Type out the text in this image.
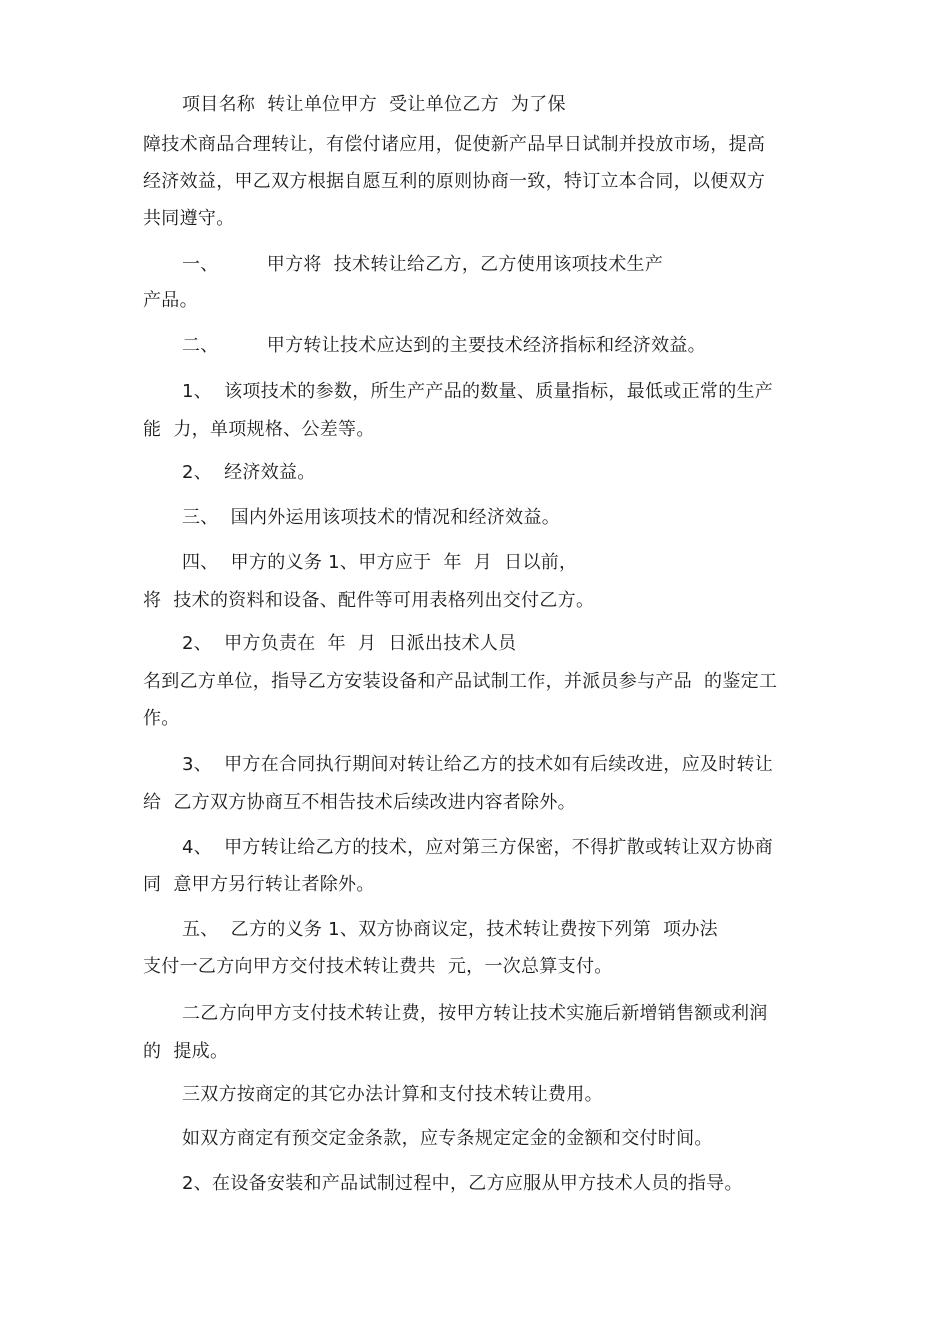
项目名称  转让单位甲方  受让单位乙方  为了保
障技术商品合理转让，有偿付诸应用，促使新产品早日试制并投放市场，提高
经济效益，甲乙双方根据自愿互利的原则协商一致，特订立本合同，以便双方
共同遵守。
一、        甲方将  技术转让给乙方，乙方使用该项技术生产
产品。
二、        甲方转让技术应达到的主要技术经济指标和经济效益。
1、  该项技术的参数，所生产产品的数量、质量指标，最低或正常的生产
能  力，单项规格、公差等。
2、  经济效益。
三、  国内外运用该项技术的情况和经济效益。
四、  甲方的义务 1、甲方应于  年  月  日以前，
将  技术的资料和设备、配件等可用表格列出交付乙方。
2、  甲方负责在  年  月  日派出技术人员
名到乙方单位，指导乙方安装设备和产品试制工作，并派员参与产品  的鉴定工
作。
3、  甲方在合同执行期间对转让给乙方的技术如有后续改进，应及时转让
给  乙方双方协商互不相告技术后续改进内容者除外。
4、  甲方转让给乙方的技术，应对第三方保密，不得扩散或转让双方协商
同  意甲方另行转让者除外。
五、  乙方的义务 1、双方协商议定，技术转让费按下列第  项办法
支付一乙方向甲方交付技术转让费共  元，一次总算支付。
二乙方向甲方支付技术转让费，按甲方转让技术实施后新增销售额或利润
的  提成。
三双方按商定的其它办法计算和支付技术转让费用。
如双方商定有预交定金条款，应专条规定定金的金额和交付时间。
2、在设备安装和产品试制过程中，乙方应服从甲方技术人员的指导。
